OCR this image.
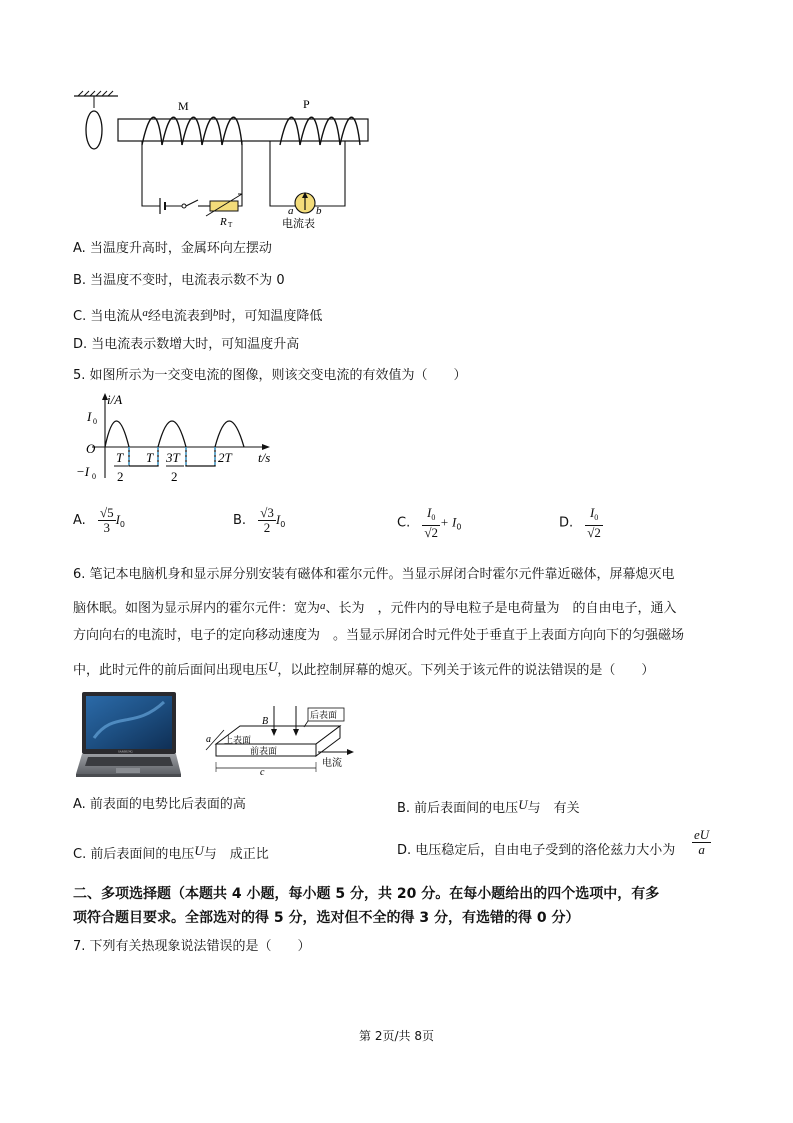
M	P
R T
a b
电流表
A. 当温度升高时，金属环向左摆动
B. 当温度不变时，电流表示数不为 0
C. 当电流从$^a$经电流表到$^b$时，可知温度降低
D. 当电流表示数增大时，可知温度升高
5. 如图所示为一交变电流的图像，则该交变电流的有效值为（　　）
i/A
t/s
O
I 0
−I 0
T
2
T 3T
2
2T
A. $\frac{√5}{3} I_0$	B. $\frac{√3}{2} I_0$	C. $\frac{I_0}{√2} + I_0$	D. $\frac{I_0}{√2}$
6. 笔记本电脑机身和显示屏分别安装有磁体和霍尔元件。当显示屏闭合时霍尔元件靠近磁体，屏幕熄灭电
脑休眠。如图为显示屏内的霍尔元件：宽为$^a$、长为　，元件内的导电粒子是电荷量为　的自由电子，通入
方向向右的电流时，电子的定向移动速度为　。当显示屏闭合时元件处于垂直于上表面方向向下的匀强磁场
中，此时元件的前后面间出现电压U，以此控制屏幕的熄灭。下列关于该元件的说法错误的是（　　）
SAMSUNG
B
后表面
上表面
前表面
a
c
电流
A. 前表面的电势比后表面的高	B. 前后表面间的电压U与　有关
C. 前后表面间的电压U与　成正比	D. 电压稳定后，自由电子受到的洛伦兹力大小为 $\frac{eU}{a}$
二、多项选择题（本题共 4 小题，每小题 5 分，共 20 分。在每小题给出的四个选项中，有多
项符合题目要求。全部选对的得 5 分，选对但不全的得 3 分，有选错的得 0 分）
7. 下列有关热现象说法错误的是（　　）
第 2页/共 8页
